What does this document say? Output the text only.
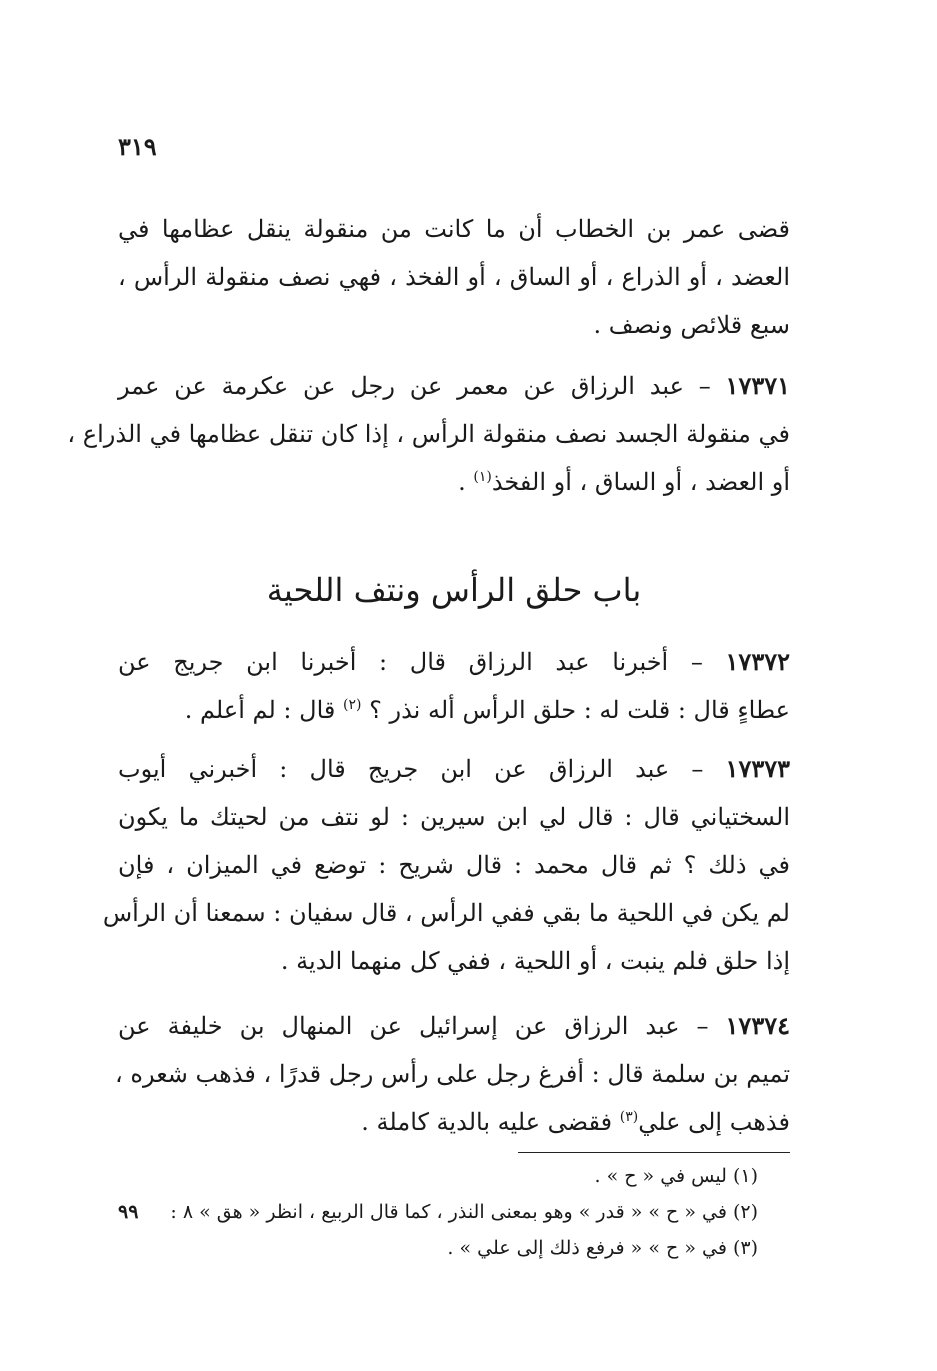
٣١٩
قضى عمر بن الخطاب أن ما كانت من منقولة ينقل عظامها في
العضد ، أو الذراع ، أو الساق ، أو الفخذ ، فهي نصف منقولة الرأس ،
سبع قلائص ونصف .
١٧٣٧١ – عبد الرزاق عن معمر عن رجل عن عكرمة عن عمر
في منقولة الجسد نصف منقولة الرأس ، إذا كان تنقل عظامها في الذراع ،
أو العضد ، أو الساق ، أو الفخذ$^{(١)}$ .
باب حلق الرأس ونتف اللحية
١٧٣٧٢ – أخبرنا عبد الرزاق قال : أخبرنا ابن جريج عن
عطاءٍ قال : قلت له : حلق الرأس أله نذر ؟ $^{(٢)}$ قال : لم أعلم .
١٧٣٧٣ – عبد الرزاق عن ابن جريج قال : أخبرني أيوب
السختياني قال : قال لي ابن سيرين : لو نتف من لحيتك ما يكون
في ذلك ؟ ثم قال محمد : قال شريح : توضع في الميزان ، فإن
لم يكن في اللحية ما بقي ففي الرأس ، قال سفيان : سمعنا أن الرأس
إذا حلق فلم ينبت ، أو اللحية ، ففي كل منهما الدية .
١٧٣٧٤ – عبد الرزاق عن إسرائيل عن المنهال بن خليفة عن
تميم بن سلمة قال : أفرغ رجل على رأس رجل قدرًا ، فذهب شعره ،
فذهب إلى علي$^{(٣)}$ فقضى عليه بالدية كاملة .
(١) ليس في « ح » .
(٢) في « ح » « قدر » وهو بمعنى النذر ، كما قال الربيع ، انظر « هق » ٨ :
٩٩
(٣) في « ح » « فرفع ذلك إلى علي » .
